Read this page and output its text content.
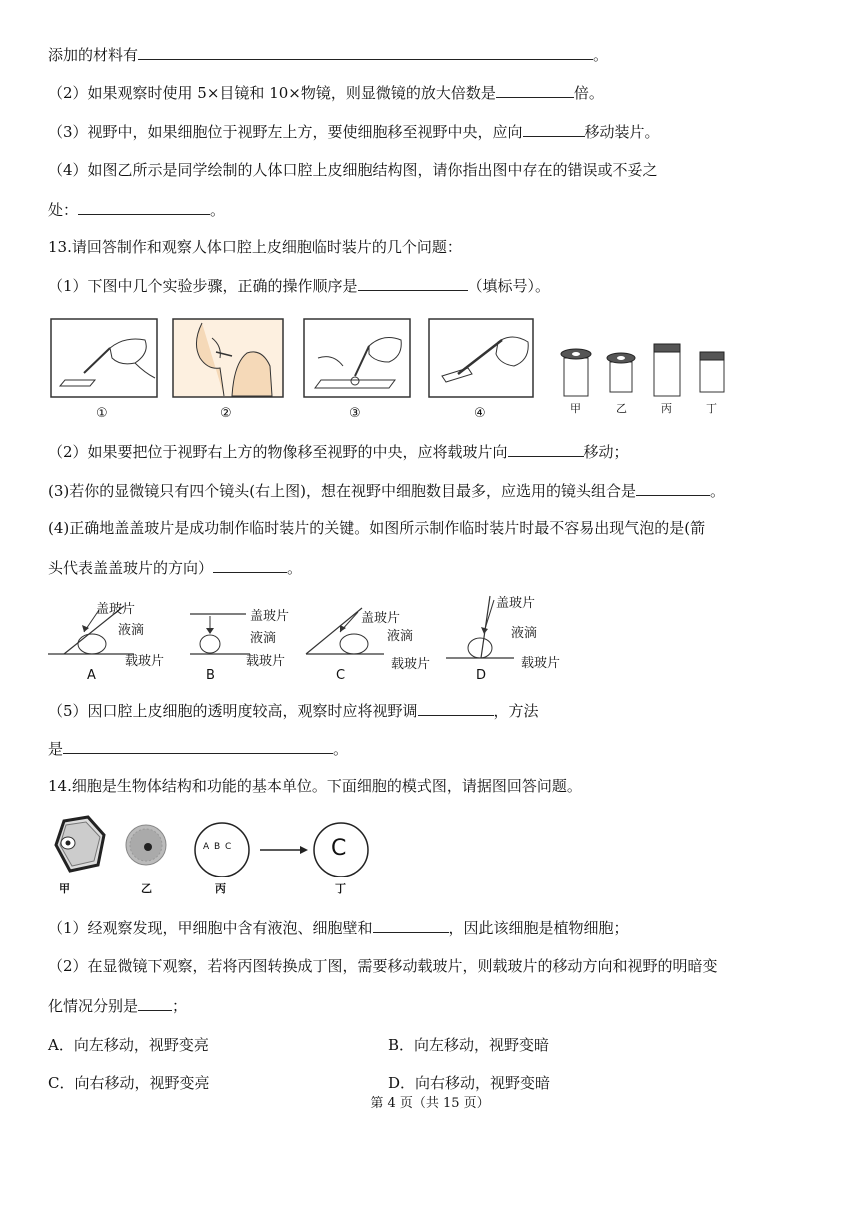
添加的材料有	。
（2）如果观察时使用 5×目镜和 10×物镜，则显微镜的放大倍数是	倍。
（3）视野中，如果细胞位于视野左上方，要使细胞移至视野中央，应向	移动装片。
（4）如图乙所示是同学绘制的人体口腔上皮细胞结构图，请你指出图中存在的错误或不妥之
处：	。
13.请回答制作和观察人体口腔上皮细胞临时装片的几个问题：
（1）下图中几个实验步骤，正确的操作顺序是	（填标号）。
①	②	③	④	甲	乙	丙	丁
（2）如果要把位于视野右上方的物像移至视野的中央，应将载玻片向	移动；
(3)若你的显微镜只有四个镜头(右上图)，想在视野中细胞数目最多，应选用的镜头组合是	。
(4)正确地盖盖玻片是成功制作临时装片的关键。如图所示制作临时装片时最不容易出现气泡的是(箭
头代表盖盖玻片的方向）	。
盖玻片
液滴
载玻片
A
盖玻片
液滴
载玻片
B
盖玻片
液滴
载玻片
C
盖玻片
液滴
载玻片
D
（5）因口腔上皮细胞的透明度较高，观察时应将视野调	，方法
是	。
14.细胞是生物体结构和功能的基本单位。下面细胞的模式图，请据图回答问题。
A B C	C
甲	乙	丙	丁
（1）经观察发现，甲细胞中含有液泡、细胞壁和	，因此该细胞是植物细胞；
（2）在显微镜下观察，若将丙图转换成丁图，需要移动载玻片，则载玻片的移动方向和视野的明暗变
化情况分别是 ；
A．向左移动，视野变亮	B．向左移动，视野变暗
C．向右移动，视野变亮	D．向右移动，视野变暗
第 4 页（共 15 页）
